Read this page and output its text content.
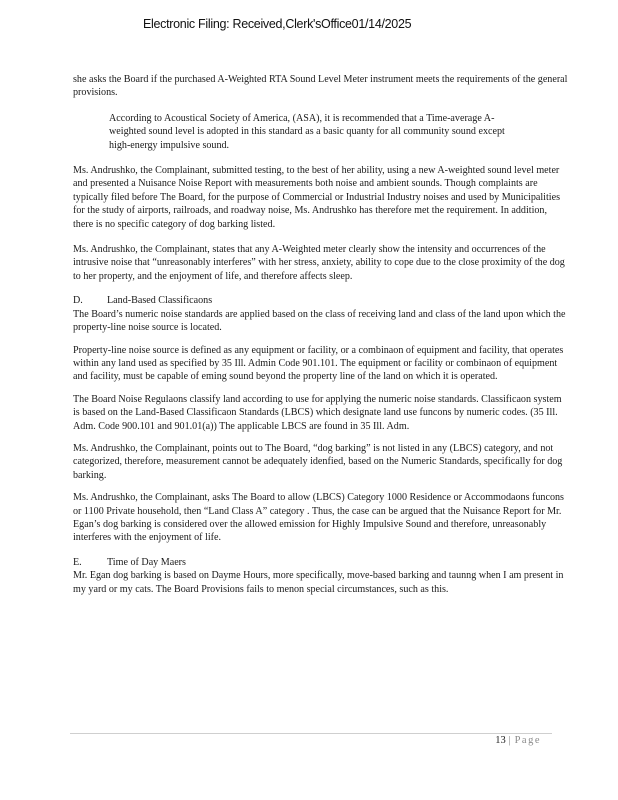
Electronic Filing: Received,Clerk'sOffice01/14/2025

she asks the Board if the purchased A-Weighted RTA Sound Level Meter instrument meets the requirements of the general provisions.

According to Acoustical Society of America, (ASA), it is recommended that a Time-average A-weighted sound level is adopted in this standard as a basic quanty for all community sound except high-energy impulsive sound.

Ms. Andrushko, the Complainant, submitted testing, to the best of her ability, using a new A-weighted sound level meter and presented a Nuisance Noise Report with measurements both noise and ambient sounds. Though complaints are typically filed before The Board, for the purpose of Commercial or Industrial Industry noises and used by Municipalities for the study of airports, railroads, and roadway noise, Ms. Andrushko has therefore met the requirement. In addition, there is no specific category of dog barking listed.

Ms. Andrushko, the Complainant, states that any A-Weighted meter clearly show the intensity and occurrences of the intrusive noise that “unreasonably interferes” with her stress, anxiety, ability to cope due to the close proximity of the dog to her property, and the enjoyment of life, and therefore affects sleep.

D. Land-Based Classificaons

The Board’s numeric noise standards are applied based on the class of receiving land and class of the land upon which the property-line noise source is located.

Property-line noise source is defined as any equipment or facility, or a combinaon of equipment and facility, that operates within any land used as specified by 35 Ill. Admin Code 901.101. The equipment or facility or combinaon of equipment and facility, must be capable of eming sound beyond the property line of the land on which it is operated.

The Board Noise Regulaons classify land according to use for applying the numeric noise standards. Classificaon system is based on the Land-Based Classificaon Standards (LBCS) which designate land use funcons by numeric codes. (35 Ill. Adm. Code 900.101 and 901.01(a)) The applicable LBCS are found in 35 Ill. Adm.

Ms. Andrushko, the Complainant, points out to The Board, “dog barking” is not listed in any (LBCS) category, and not categorized, therefore, measurement cannot be adequately idenfied, based on the Numeric Standards, specifically for dog barking.

Ms. Andrushko, the Complainant, asks The Board to allow (LBCS) Category 1000 Residence or Accommodaons funcons or 1100 Private household, then “Land Class A” category . Thus, the case can be argued that the Nuisance Report for Mr. Egan’s dog barking is considered over the allowed emission for Highly Impulsive Sound and therefore, unreasonably interferes with the enjoyment of life.

E.	Time of Day Maers

Mr. Egan dog barking is based on Dayme Hours, more specifically, move-based barking and taunng when I am present in my yard or my cats. The Board Provisions fails to menon special circumstances, such as this.

13 | Page
